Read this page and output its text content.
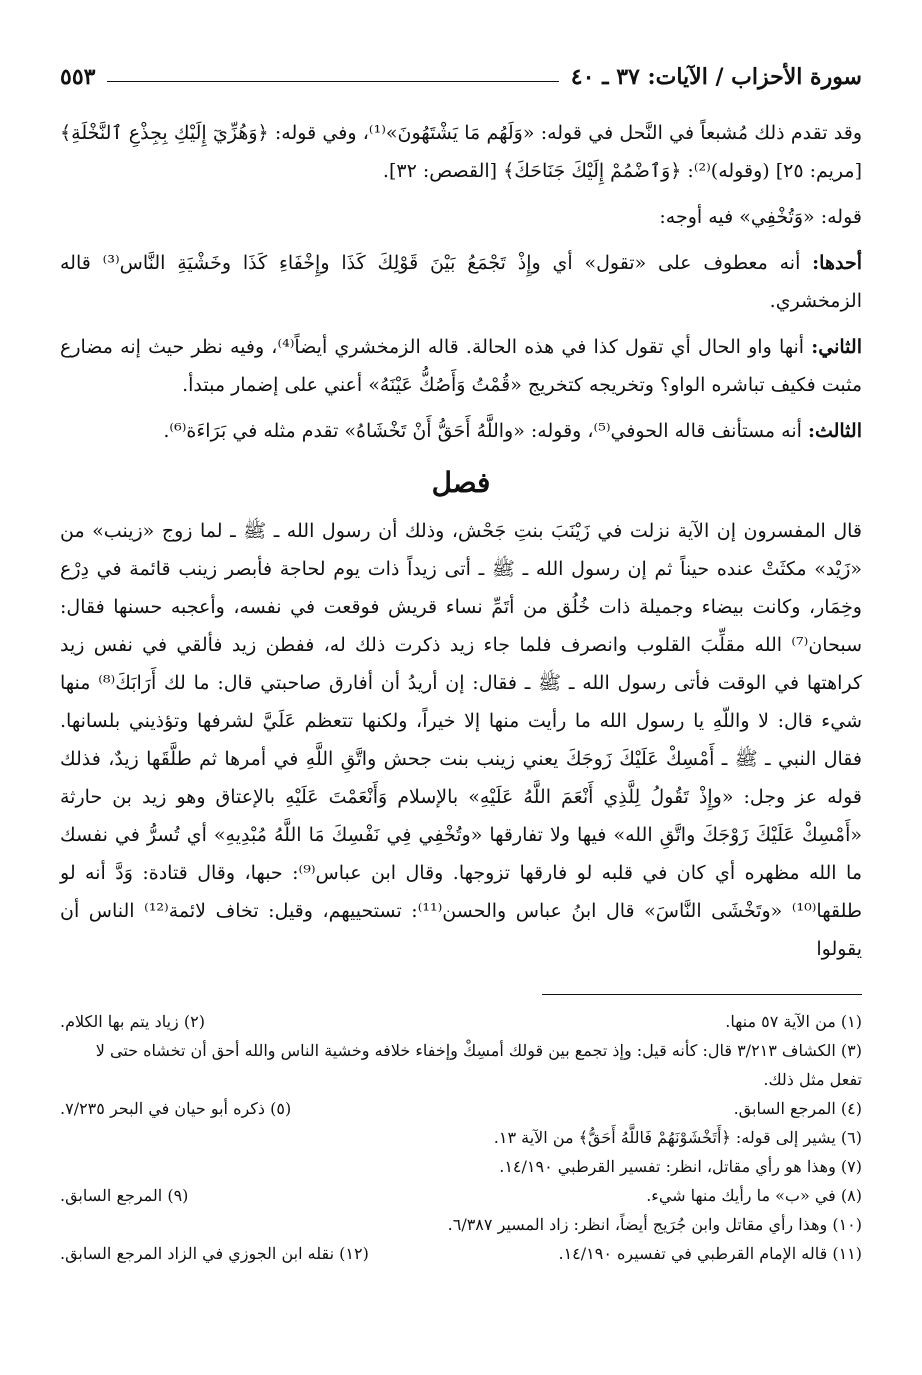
سورة الأحزاب / الآيات: ٣٧ ـ ٤٠
٥٥٣

وقد تقدم ذلك مُشبعاً في النَّحل في قوله: «وَلَهُم مَا يَشْتَهُونَ»⁽¹⁾، وفي قوله: ﴿وَهُزِّيٓ إِلَيْكِ بِجِذْعِ ٱلنَّخْلَةِ﴾ [مريم: ٢٥] (وقوله)⁽²⁾: ﴿وَٱضْمُمْ إِلَيْكَ جَنَاحَكَ﴾ [القصص: ٣٢].

قوله: «وَتُخْفِي» فيه أوجه:

أحدها: أنه معطوف على «تقول» أي وإِذْ تَجْمَعُ بَيْنَ قَوْلِكَ كَذَا وإِخْفَاءِ كَذَا وخَشْيَةِ النَّاس⁽³⁾ قاله الزمخشري.

الثاني: أنها واو الحال أي تقول كذا في هذه الحالة. قاله الزمخشري أيضاً⁽⁴⁾، وفيه نظر حيث إنه مضارع مثبت فكيف تباشره الواو؟ وتخريجه كتخريج «قُمْتُ وَأَصُكُّ عَيْنَهُ» أعني على إضمار مبتدأ.

الثالث: أنه مستأنف قاله الحوفي⁽⁵⁾، وقوله: «واللَّهُ أَحَقُّ أَنْ تَخْشَاهُ» تقدم مثله في بَرَاءَة⁽⁶⁾.

فصل

قال المفسرون إن الآية نزلت في زَيْنَبَ بنتِ جَحْش، وذلك أن رسول الله ـ ﷺ ـ لما زوج «زينب» من «زَيْد» مكثَتْ عنده حيناً ثم إن رسول الله ـ ﷺ ـ أتى زيداً ذات يوم لحاجة فأبصر زينب قائمة في دِرْع وخِمَار، وكانت بيضاء وجميلة ذات خُلُق من أتَمِّ نساء قريش فوقعت في نفسه، وأعجبه حسنها فقال: سبحان⁽⁷⁾ الله مقلِّبَ القلوب وانصرف فلما جاء زيد ذكرت ذلك له، ففطن زيد فألقي في نفس زيد كراهتها في الوقت فأتى رسول الله ـ ﷺ ـ فقال: إن أريدُ أن أفارق صاحبتي قال: ما لك أَرَابَكَ⁽⁸⁾ منها شيء قال: لا واللّهِ يا رسول الله ما رأيت منها إلا خيراً، ولكنها تتعظم عَلَيَّ لشرفها وتؤذيني بلسانها. فقال النبي ـ ﷺ ـ أَمْسِكْ عَلَيْكَ زَوجَكَ يعني زينب بنت جحش واتَّقِ اللَّهِ في أمرها ثم طلَّقَها زيدٌ، فذلك قوله عز وجل: «وإِذْ تَقُولُ لِلَّذِي أَنْعَمَ اللَّهُ عَلَيْهِ» بالإسلام وَأَنْعَمْتَ عَلَيْهِ بالإعتاق وهو زيد بن حارثة «أَمْسِكْ عَلَيْكَ زَوْجَكَ واتَّقِ الله» فيها ولا تفارقها «وتُخْفِي فِي نَفْسِكَ مَا اللَّهُ مُبْدِيهِ» أي تُسرُّ في نفسك ما الله مظهره أي كان في قلبه لو فارقها تزوجها. وقال ابن عباس⁽⁹⁾: حبها، وقال قتادة: وَدَّ أنه لو طلقها⁽¹⁰⁾ «وتَخْشَى النَّاسَ» قال ابنُ عباس والحسن⁽¹¹⁾: تستحييهم، وقيل: تخاف لائمة⁽¹²⁾ الناس أن يقولوا

(١) من الآية ٥٧ منها.
(٢) زياد يتم بها الكلام.
(٣) الكشاف ٣/٢١٣ قال: كأنه قيل: وإذ تجمع بين قولك أمسِكْ وإخفاء خلافه وخشية الناس والله أحق أن تخشاه حتى لا تفعل مثل ذلك.
(٤) المرجع السابق.
(٥) ذكره أبو حيان في البحر ٧/٢٣٥.
(٦) يشير إلى قوله: ﴿أَتَخْشَوْنَهُمْ فَاللَّهُ أَحَقُّ﴾ من الآية ١٣.
(٧) وهذا هو رأي مقاتل، انظر: تفسير القرطبي ١٤/١٩٠.
(٨) في «ب» ما رأيك منها شيء.
(٩) المرجع السابق.
(١٠) وهذا رأي مقاتل وابن جُرَيج أيضاً، انظر: زاد المسير ٦/٣٨٧.
(١١) قاله الإمام القرطبي في تفسيره ١٤/١٩٠.
(١٢) نقله ابن الجوزي في الزاد المرجع السابق.
